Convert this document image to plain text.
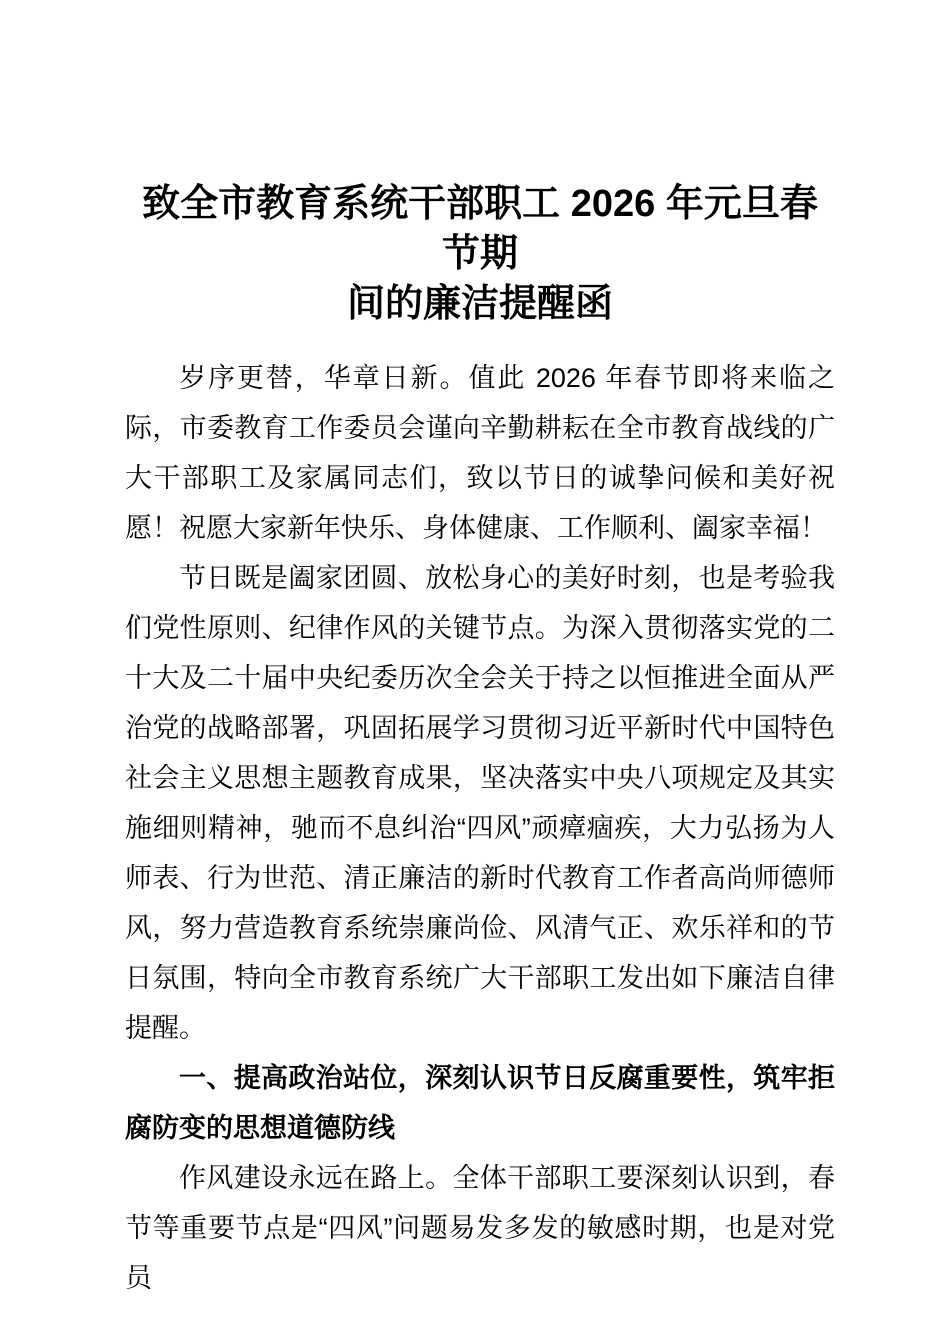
致全市教育系统干部职工 2026 年元旦春节期
间的廉洁提醒函

岁序更替，华章日新。值此 2026 年春节即将来临之际，市委教育工作委员会谨向辛勤耕耘在全市教育战线的广大干部职工及家属同志们，致以节日的诚挚问候和美好祝愿！祝愿大家新年快乐、身体健康、工作顺利、阖家幸福！

节日既是阖家团圆、放松身心的美好时刻，也是考验我们党性原则、纪律作风的关键节点。为深入贯彻落实党的二十大及二十届中央纪委历次全会关于持之以恒推进全面从严治党的战略部署，巩固拓展学习贯彻习近平新时代中国特色社会主义思想主题教育成果，坚决落实中央八项规定及其实施细则精神，驰而不息纠治“四风”顽瘴痼疾，大力弘扬为人师表、行为世范、清正廉洁的新时代教育工作者高尚师德师风，努力营造教育系统崇廉尚俭、风清气正、欢乐祥和的节日氛围，特向全市教育系统广大干部职工发出如下廉洁自律提醒。

一、提高政治站位，深刻认识节日反腐重要性，筑牢拒腐防变的思想道德防线

作风建设永远在路上。全体干部职工要深刻认识到，春节等重要节点是“四风”问题易发多发的敏感时期，也是对党员
